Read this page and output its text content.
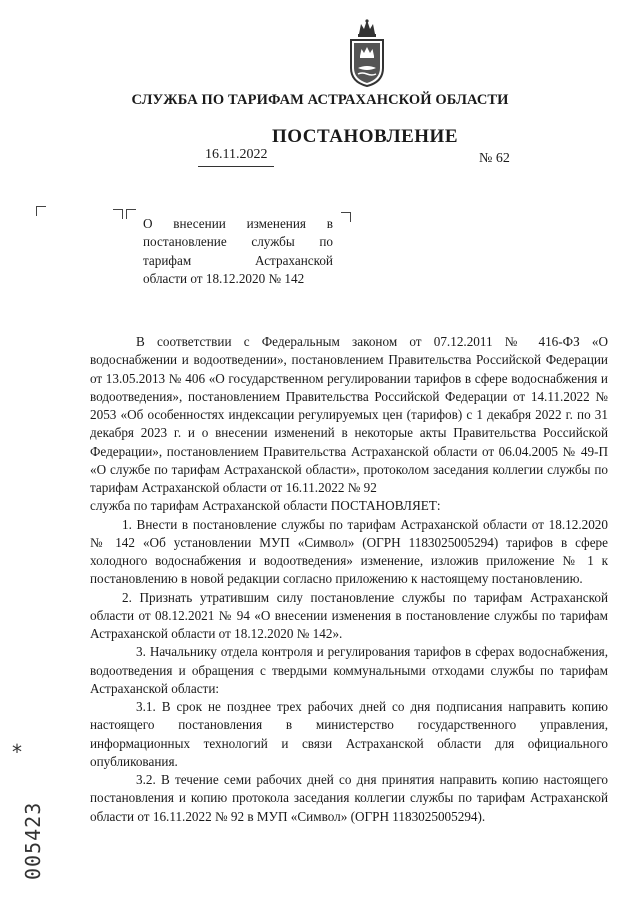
СЛУЖБА ПО ТАРИФАМ АСТРАХАНСКОЙ ОБЛАСТИ
ПОСТАНОВЛЕНИЕ
16.11.2022	№ 62
О внесении изменения в
постановление службы по
тарифам Астраханской
области от 18.12.2020 № 142

В соответствии с Федеральным законом от 07.12.2011 № 416-ФЗ «О водоснабжении и водоотведении», постановлением Правительства Российской Федерации от 13.05.2013 № 406 «О государственном регулировании тарифов в сфере водоснабжения и водоотведения», постановлением Правительства Российской Федерации от 14.11.2022 № 2053 «Об особенностях индексации регулируемых цен (тарифов) с 1 декабря 2022 г. по 31 декабря 2023 г. и о внесении изменений в некоторые акты Правительства Российской Федерации», постановлением Правительства Астраханской области от 06.04.2005 № 49-П «О службе по тарифам Астраханской области», протоколом заседания коллегии службы по тарифам Астраханской области от 16.11.2022 № 92

служба по тарифам Астраханской области ПОСТАНОВЛЯЕТ:

1. Внести в постановление службы по тарифам Астраханской области от 18.12.2020 № 142 «Об установлении МУП «Символ» (ОГРН 1183025005294) тарифов в сфере холодного водоснабжения и водоотведения» изменение, изложив приложение № 1 к постановлению в новой редакции согласно приложению к настоящему постановлению.

2. Признать утратившим силу постановление службы по тарифам Астраханской области от 08.12.2021 № 94 «О внесении изменения в постановление службы по тарифам Астраханской области от 18.12.2020 № 142».

3. Начальнику отдела контроля и регулирования тарифов в сферах водоснабжения, водоотведения и обращения с твердыми коммунальными отходами службы по тарифам Астраханской области:

3.1. В срок не позднее трех рабочих дней со дня подписания направить копию настоящего постановления в министерство государственного управления, информационных технологий и связи Астраханской области для официального опубликования.

3.2. В течение семи рабочих дней со дня принятия направить копию настоящего постановления и копию протокола заседания коллегии службы по тарифам Астраханской области от 16.11.2022 № 92 в МУП «Символ» (ОГРН 1183025005294).

*
005423
